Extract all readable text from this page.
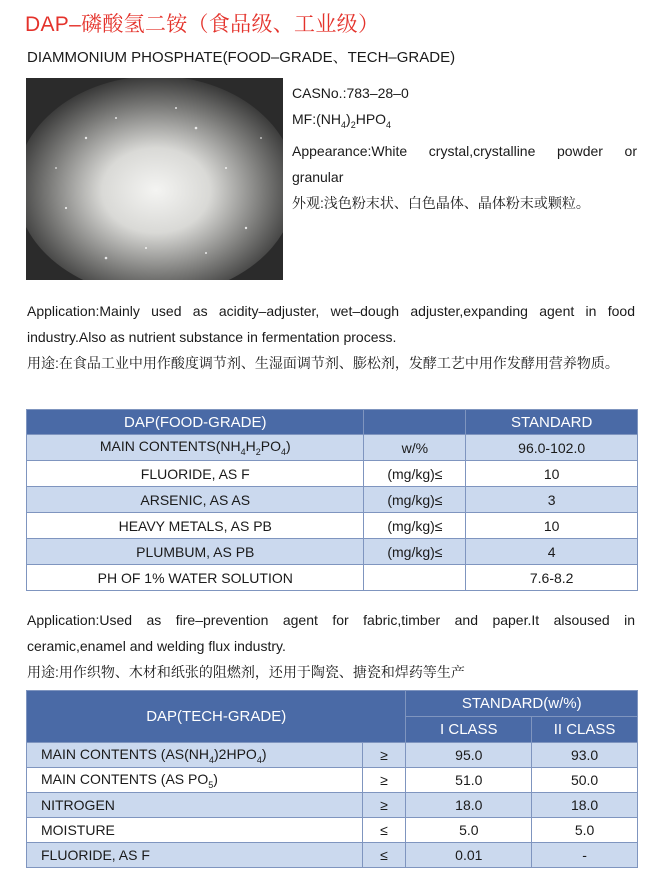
DAP–磷酸氢二铵（食品级、工业级）
DIAMMONIUM PHOSPHATE(FOOD–GRADE、TECH–GRADE)
CASNo.:783–28–0
$MF:(NH_4)_2HPO_4$
Appearance:White crystal,crystalline powder or granular
外观:浅色粉末状、白色晶体、晶体粉末或颗粒。
Application:Mainly used as acidity–adjuster, wet–dough adjuster,expanding agent in food industry.Also as nutrient substance in fermentation process.
用途:在食品工业中用作酸度调节剂、生湿面调节剂、膨松剂，发酵工艺中用作发酵用营养物质。
DAP(FOOD-GRADE)		STANDARD
MAIN $CONTENTS(NH_4H_2PO_4)$	w/%	96.0-102.0
FLUORIDE, AS F	(mg/kg)≤	10
ARSENIC, AS AS	(mg/kg)≤	3
HEAVY METALS, AS PB	(mg/kg)≤	10
PLUMBUM, AS PB	(mg/kg)≤	4
PH OF 1% WATER SOLUTION		7.6-8.2
Application:Used as fire–prevention agent for fabric,timber and paper.It alsoused in ceramic,enamel and welding flux industry.
用途:用作织物、木材和纸张的阻燃剂，还用于陶瓷、搪瓷和焊药等生产
DAP(TECH-GRADE)		STANDARD(w/%)	
		I CLASS	II CLASS
MAIN CONTENTS $(AS(NH_4)2HPO_4)$	≥	95.0	93.0
MAIN CONTENTS (AS $PO_5$)	≥	51.0	50.0
NITROGEN	≥	18.0	18.0
MOISTURE	≤	5.0	5.0
FLUORIDE, AS F	≤	0.01	-
